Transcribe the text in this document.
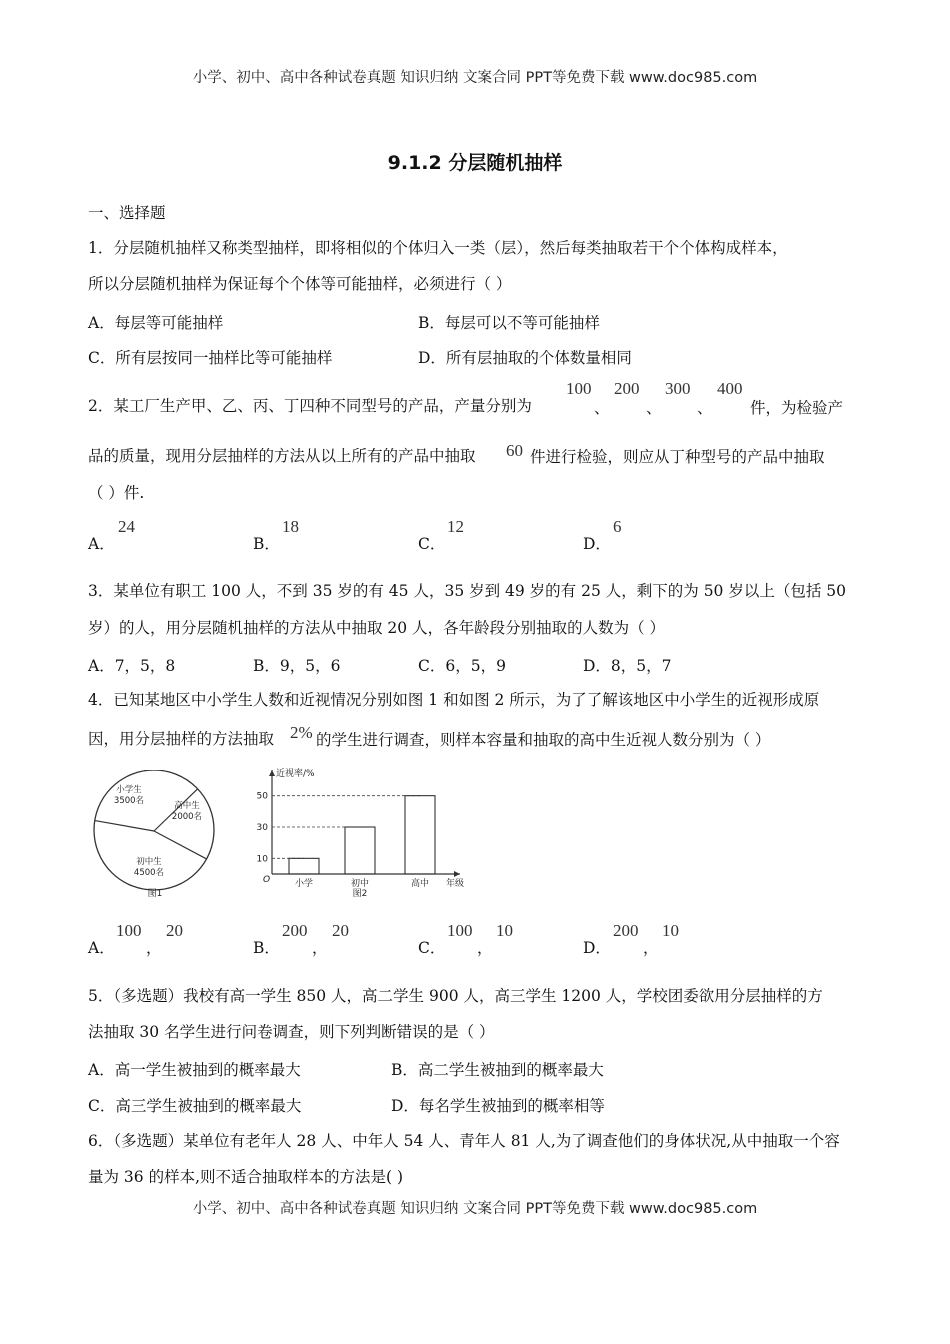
小学、初中、高中各种试卷真题 知识归纳 文案合同 PPT等免费下载 www.doc985.com
9.1.2 分层随机抽样
一、选择题
1．分层随机抽样又称类型抽样，即将相似的个体归入一类（层），然后每类抽取若干个个体构成样本，
所以分层随机抽样为保证每个个体等可能抽样，必须进行（ ）
A．每层等可能抽样	B．每层可以不等可能抽样
C．所有层按同一抽样比等可能抽样	D．所有层抽取的个体数量相同
2．某工厂生产甲、乙、丙、丁四种不同型号的产品，产量分别为
100
、
200
、
300
、
400
件，为检验产
品的质量，现用分层抽样的方法从以上所有的产品中抽取 60 件进行检验，则应从丁种型号的产品中抽取
（ ）件.
A．
24
B．
18
C．
12
D．
6
3．某单位有职工 100 人，不到 35 岁的有 45 人，35 岁到 49 岁的有 25 人，剩下的为 50 岁以上（包括 50
岁）的人，用分层随机抽样的方法从中抽取 20 人，各年龄段分别抽取的人数为（ ）
A．7，5，8	B．9，5，6	C．6，5，9	D．8，5，7
4．已知某地区中小学生人数和近视情况分别如图 1 和如图 2 所示，为了了解该地区中小学生的近视形成原
因，用分层抽样的方法抽取 2% 的学生进行调查，则样本容量和抽取的高中生近视人数分别为（ ）
小学生 3500名	高中生 2000名
初中生 4500名
图1
近视率/%
年级
O
10
小学
30
初中
50
高中
图2
A．
100
，
20
B．
200
，
20
C．
100
，
10
D．
200
，
10
5．（多选题）我校有高一学生 850 人，高二学生 900 人，高三学生 1200 人，学校团委欲用分层抽样的方
法抽取 30 名学生进行问卷调查，则下列判断错误的是（ ）
A．高一学生被抽到的概率最大	B．高二学生被抽到的概率最大
C．高三学生被抽到的概率最大	D．每名学生被抽到的概率相等
6．（多选题）某单位有老年人 28 人、中年人 54 人、青年人 81 人,为了调查他们的身体状况,从中抽取一个容
量为 36 的样本,则不适合抽取样本的方法是( )
小学、初中、高中各种试卷真题 知识归纳 文案合同 PPT等免费下载 www.doc985.com
